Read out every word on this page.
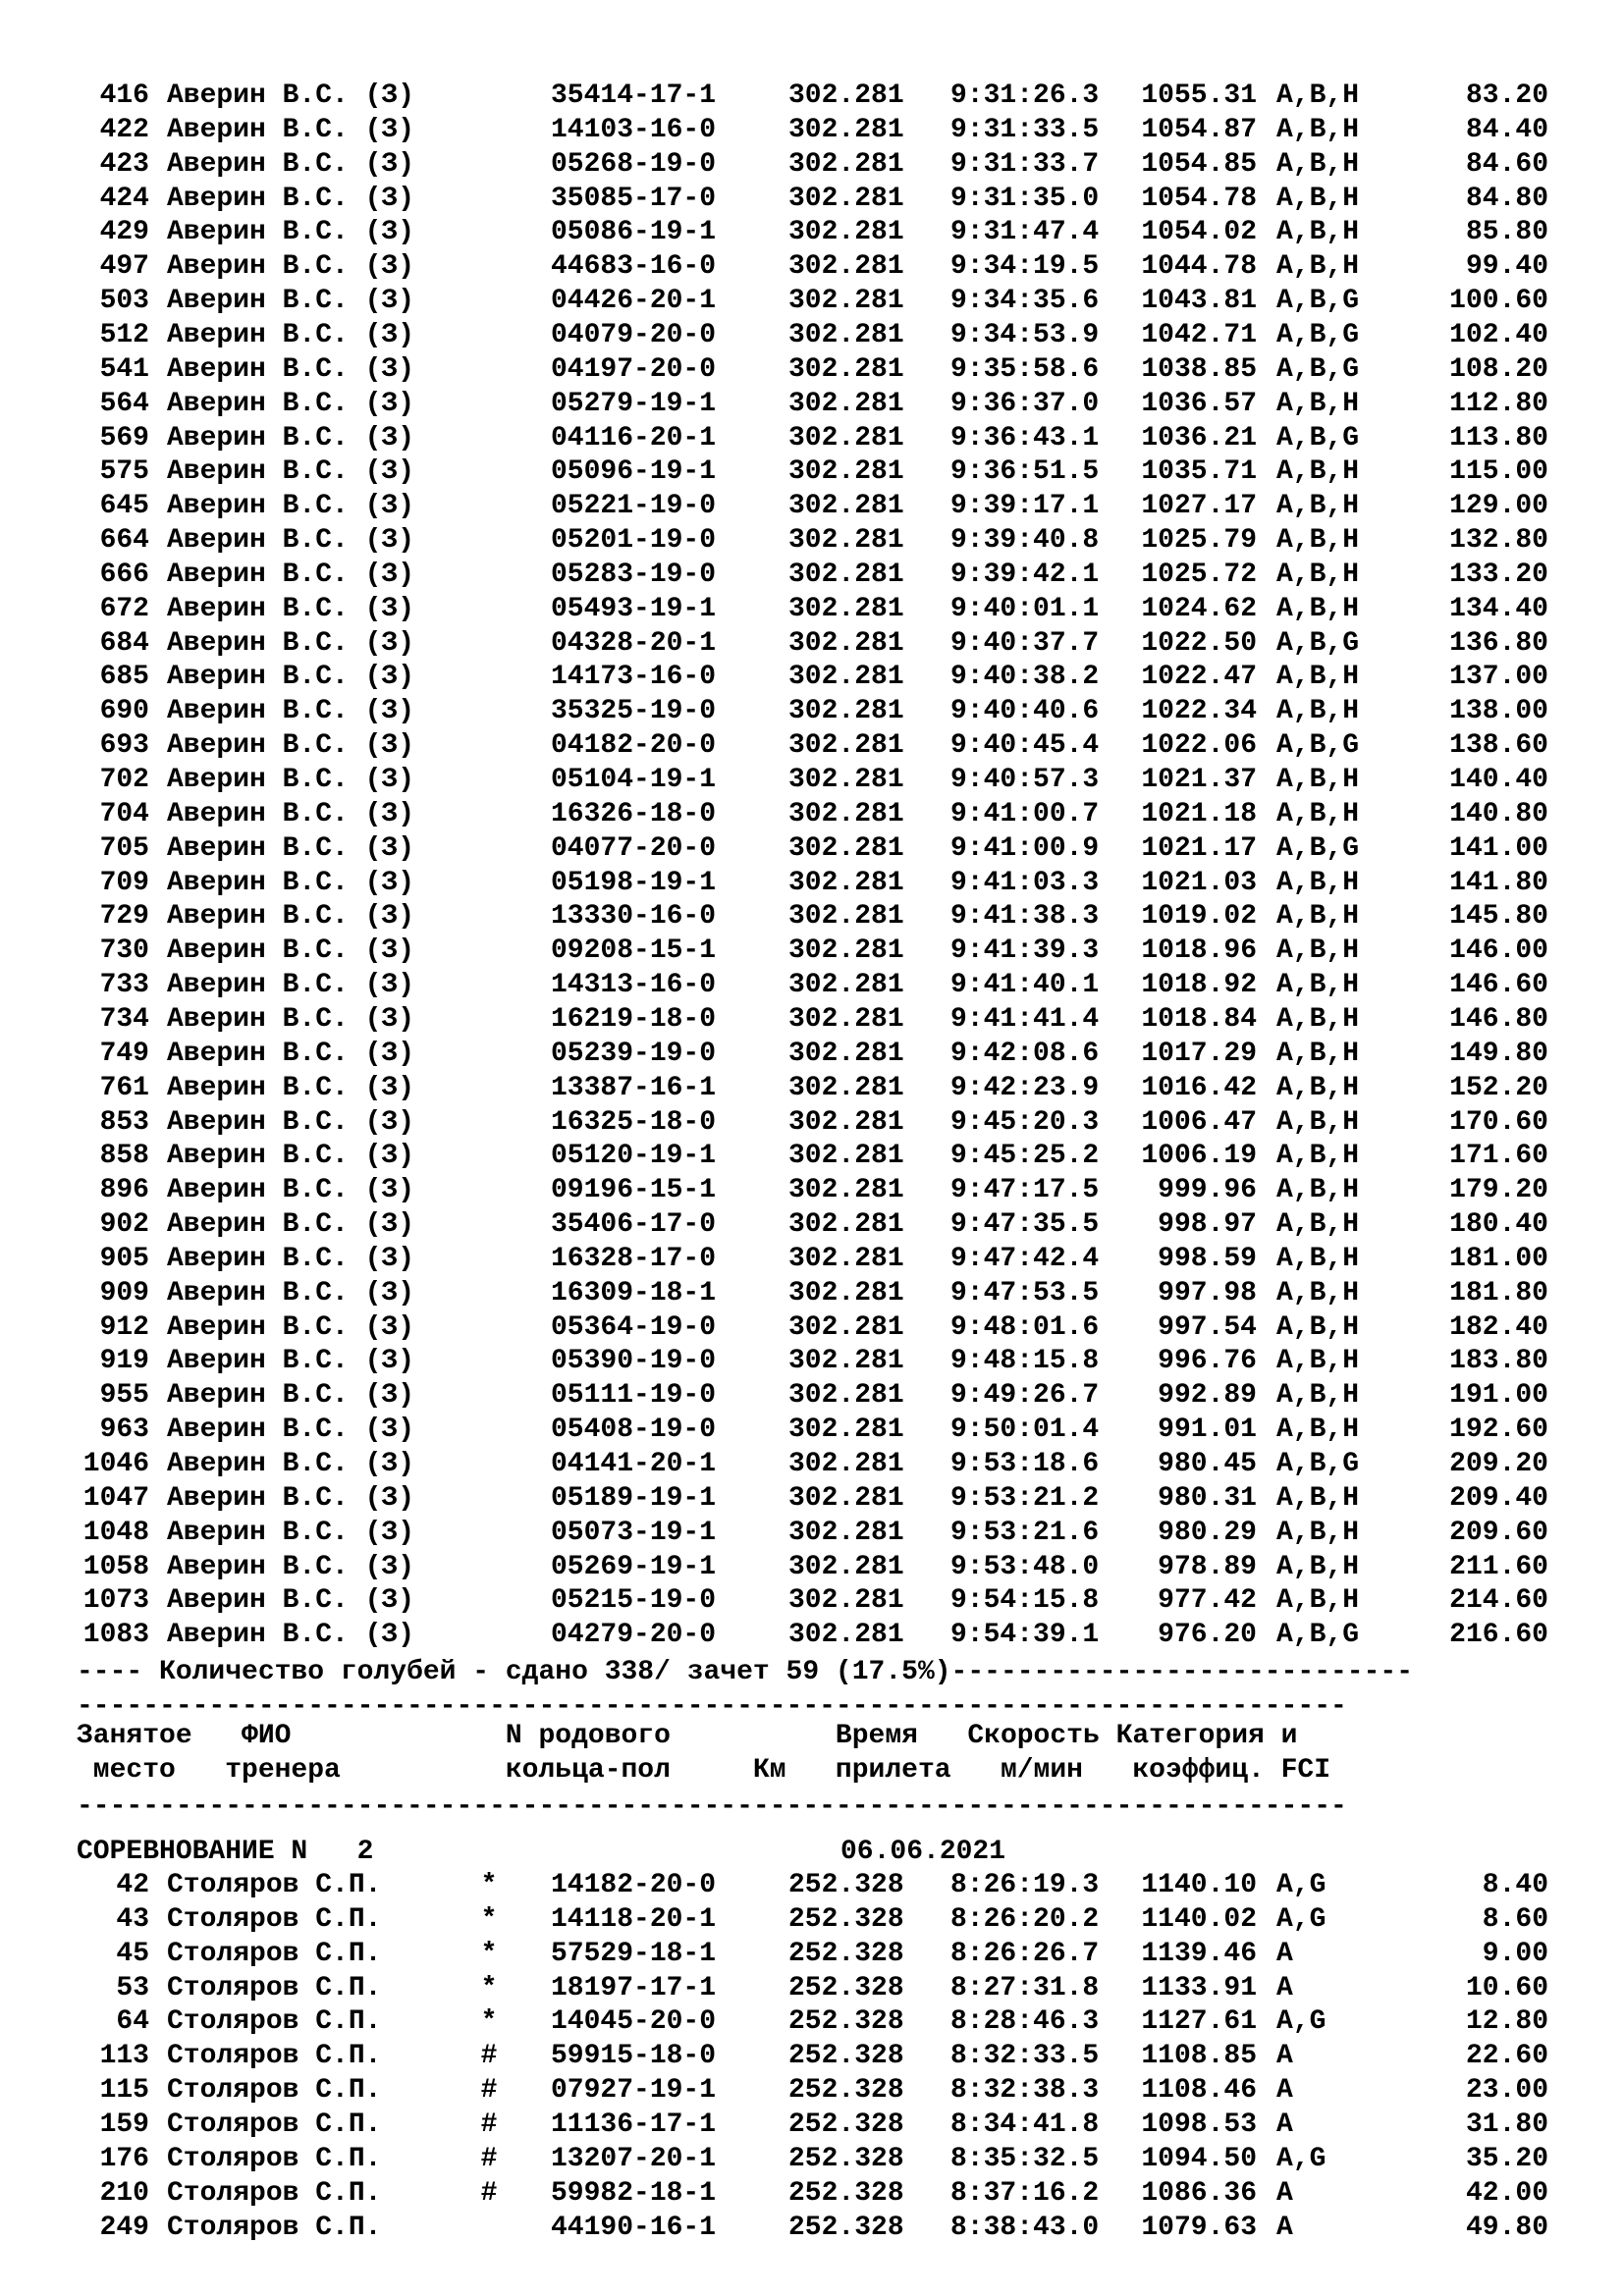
416 Аверин В.С. (З)	35414-17-1	302.281 9:31:26.3	1055.31 A,B,H	83.20
422 Аверин В.С. (З)	14103-16-0	302.281 9:31:33.5	1054.87 A,B,H	84.40
423 Аверин В.С. (З)	05268-19-0	302.281 9:31:33.7	1054.85 A,B,H	84.60
424 Аверин В.С. (З)	35085-17-0	302.281 9:31:35.0	1054.78 A,B,H	84.80
429 Аверин В.С. (З)	05086-19-1	302.281 9:31:47.4	1054.02 A,B,H	85.80
497 Аверин В.С. (З)	44683-16-0	302.281 9:34:19.5	1044.78 A,B,H	99.40
503 Аверин В.С. (З)	04426-20-1	302.281 9:34:35.6	1043.81 A,B,G	100.60
512 Аверин В.С. (З)	04079-20-0	302.281 9:34:53.9	1042.71 A,B,G	102.40
541 Аверин В.С. (З)	04197-20-0	302.281 9:35:58.6	1038.85 A,B,G	108.20
564 Аверин В.С. (З)	05279-19-1	302.281 9:36:37.0	1036.57 A,B,H	112.80
569 Аверин В.С. (З)	04116-20-1	302.281 9:36:43.1	1036.21 A,B,G	113.80
575 Аверин В.С. (З)	05096-19-1	302.281 9:36:51.5	1035.71 A,B,H	115.00
645 Аверин В.С. (З)	05221-19-0	302.281 9:39:17.1	1027.17 A,B,H	129.00
664 Аверин В.С. (З)	05201-19-0	302.281 9:39:40.8	1025.79 A,B,H	132.80
666 Аверин В.С. (З)	05283-19-0	302.281 9:39:42.1	1025.72 A,B,H	133.20
672 Аверин В.С. (З)	05493-19-1	302.281 9:40:01.1	1024.62 A,B,H	134.40
684 Аверин В.С. (З)	04328-20-1	302.281 9:40:37.7	1022.50 A,B,G	136.80
685 Аверин В.С. (З)	14173-16-0	302.281 9:40:38.2	1022.47 A,B,H	137.00
690 Аверин В.С. (З)	35325-19-0	302.281 9:40:40.6	1022.34 A,B,H	138.00
693 Аверин В.С. (З)	04182-20-0	302.281 9:40:45.4	1022.06 A,B,G	138.60
702 Аверин В.С. (З)	05104-19-1	302.281 9:40:57.3	1021.37 A,B,H	140.40
704 Аверин В.С. (З)	16326-18-0	302.281 9:41:00.7	1021.18 A,B,H	140.80
705 Аверин В.С. (З)	04077-20-0	302.281 9:41:00.9	1021.17 A,B,G	141.00
709 Аверин В.С. (З)	05198-19-1	302.281 9:41:03.3	1021.03 A,B,H	141.80
729 Аверин В.С. (З)	13330-16-0	302.281 9:41:38.3	1019.02 A,B,H	145.80
730 Аверин В.С. (З)	09208-15-1	302.281 9:41:39.3	1018.96 A,B,H	146.00
733 Аверин В.С. (З)	14313-16-0	302.281 9:41:40.1	1018.92 A,B,H	146.60
734 Аверин В.С. (З)	16219-18-0	302.281 9:41:41.4	1018.84 A,B,H	146.80
749 Аверин В.С. (З)	05239-19-0	302.281 9:42:08.6	1017.29 A,B,H	149.80
761 Аверин В.С. (З)	13387-16-1	302.281 9:42:23.9	1016.42 A,B,H	152.20
853 Аверин В.С. (З)	16325-18-0	302.281 9:45:20.3	1006.47 A,B,H	170.60
858 Аверин В.С. (З)	05120-19-1	302.281 9:45:25.2	1006.19 A,B,H	171.60
896 Аверин В.С. (З)	09196-15-1	302.281 9:47:17.5	999.96 A,B,H	179.20
902 Аверин В.С. (З)	35406-17-0	302.281 9:47:35.5	998.97 A,B,H	180.40
905 Аверин В.С. (З)	16328-17-0	302.281 9:47:42.4	998.59 A,B,H	181.00
909 Аверин В.С. (З)	16309-18-1	302.281 9:47:53.5	997.98 A,B,H	181.80
912 Аверин В.С. (З)	05364-19-0	302.281 9:48:01.6	997.54 A,B,H	182.40
919 Аверин В.С. (З)	05390-19-0	302.281 9:48:15.8	996.76 A,B,H	183.80
955 Аверин В.С. (З)	05111-19-0	302.281 9:49:26.7	992.89 A,B,H	191.00
963 Аверин В.С. (З)	05408-19-0	302.281 9:50:01.4	991.01 A,B,H	192.60
1046 Аверин В.С. (З)	04141-20-1	302.281 9:53:18.6	980.45 A,B,G	209.20
1047 Аверин В.С. (З)	05189-19-1	302.281 9:53:21.2	980.31 A,B,H	209.40
1048 Аверин В.С. (З)	05073-19-1	302.281 9:53:21.6	980.29 A,B,H	209.60
1058 Аверин В.С. (З)	05269-19-1	302.281 9:53:48.0	978.89 A,B,H	211.60
1073 Аверин В.С. (З)	05215-19-0	302.281 9:54:15.8	977.42 A,B,H	214.60
1083 Аверин В.С. (З)	04279-20-0	302.281 9:54:39.1	976.20 A,B,G	216.60

---- Количество голубей - сдано 338/ зачет 59 (17.5%)----------------------------

-----------------------------------------------------------------------------

Занятое   ФИО             N родового          Время   Скорость Категория и

место   тренера          кольца-пол     Км   прилета   м/мин   коэффиц. FCI

-----------------------------------------------------------------------------

СОРЕВНОВАНИЕ N   2

	06.06.2021

42 Столяров С.П.	* 14182-20-0	252.328 8:26:19.3	1140.10 A,G	8.40
43 Столяров С.П.	* 14118-20-1	252.328 8:26:20.2	1140.02 A,G	8.60
45 Столяров С.П.	* 57529-18-1	252.328 8:26:26.7	1139.46 A	9.00
53 Столяров С.П.	* 18197-17-1	252.328 8:27:31.8	1133.91 A	10.60
64 Столяров С.П.	* 14045-20-0	252.328 8:28:46.3	1127.61 A,G	12.80
113 Столяров С.П.	# 59915-18-0	252.328 8:32:33.5	1108.85 A	22.60
115 Столяров С.П.	# 07927-19-1	252.328 8:32:38.3	1108.46 A	23.00
159 Столяров С.П.	# 11136-17-1	252.328 8:34:41.8	1098.53 A	31.80
176 Столяров С.П.	# 13207-20-1	252.328 8:35:32.5	1094.50 A,G	35.20
210 Столяров С.П.	# 59982-18-1	252.328 8:37:16.2	1086.36 A	42.00
249 Столяров С.П.	44190-16-1	252.328 8:38:43.0	1079.63 A	49.80
